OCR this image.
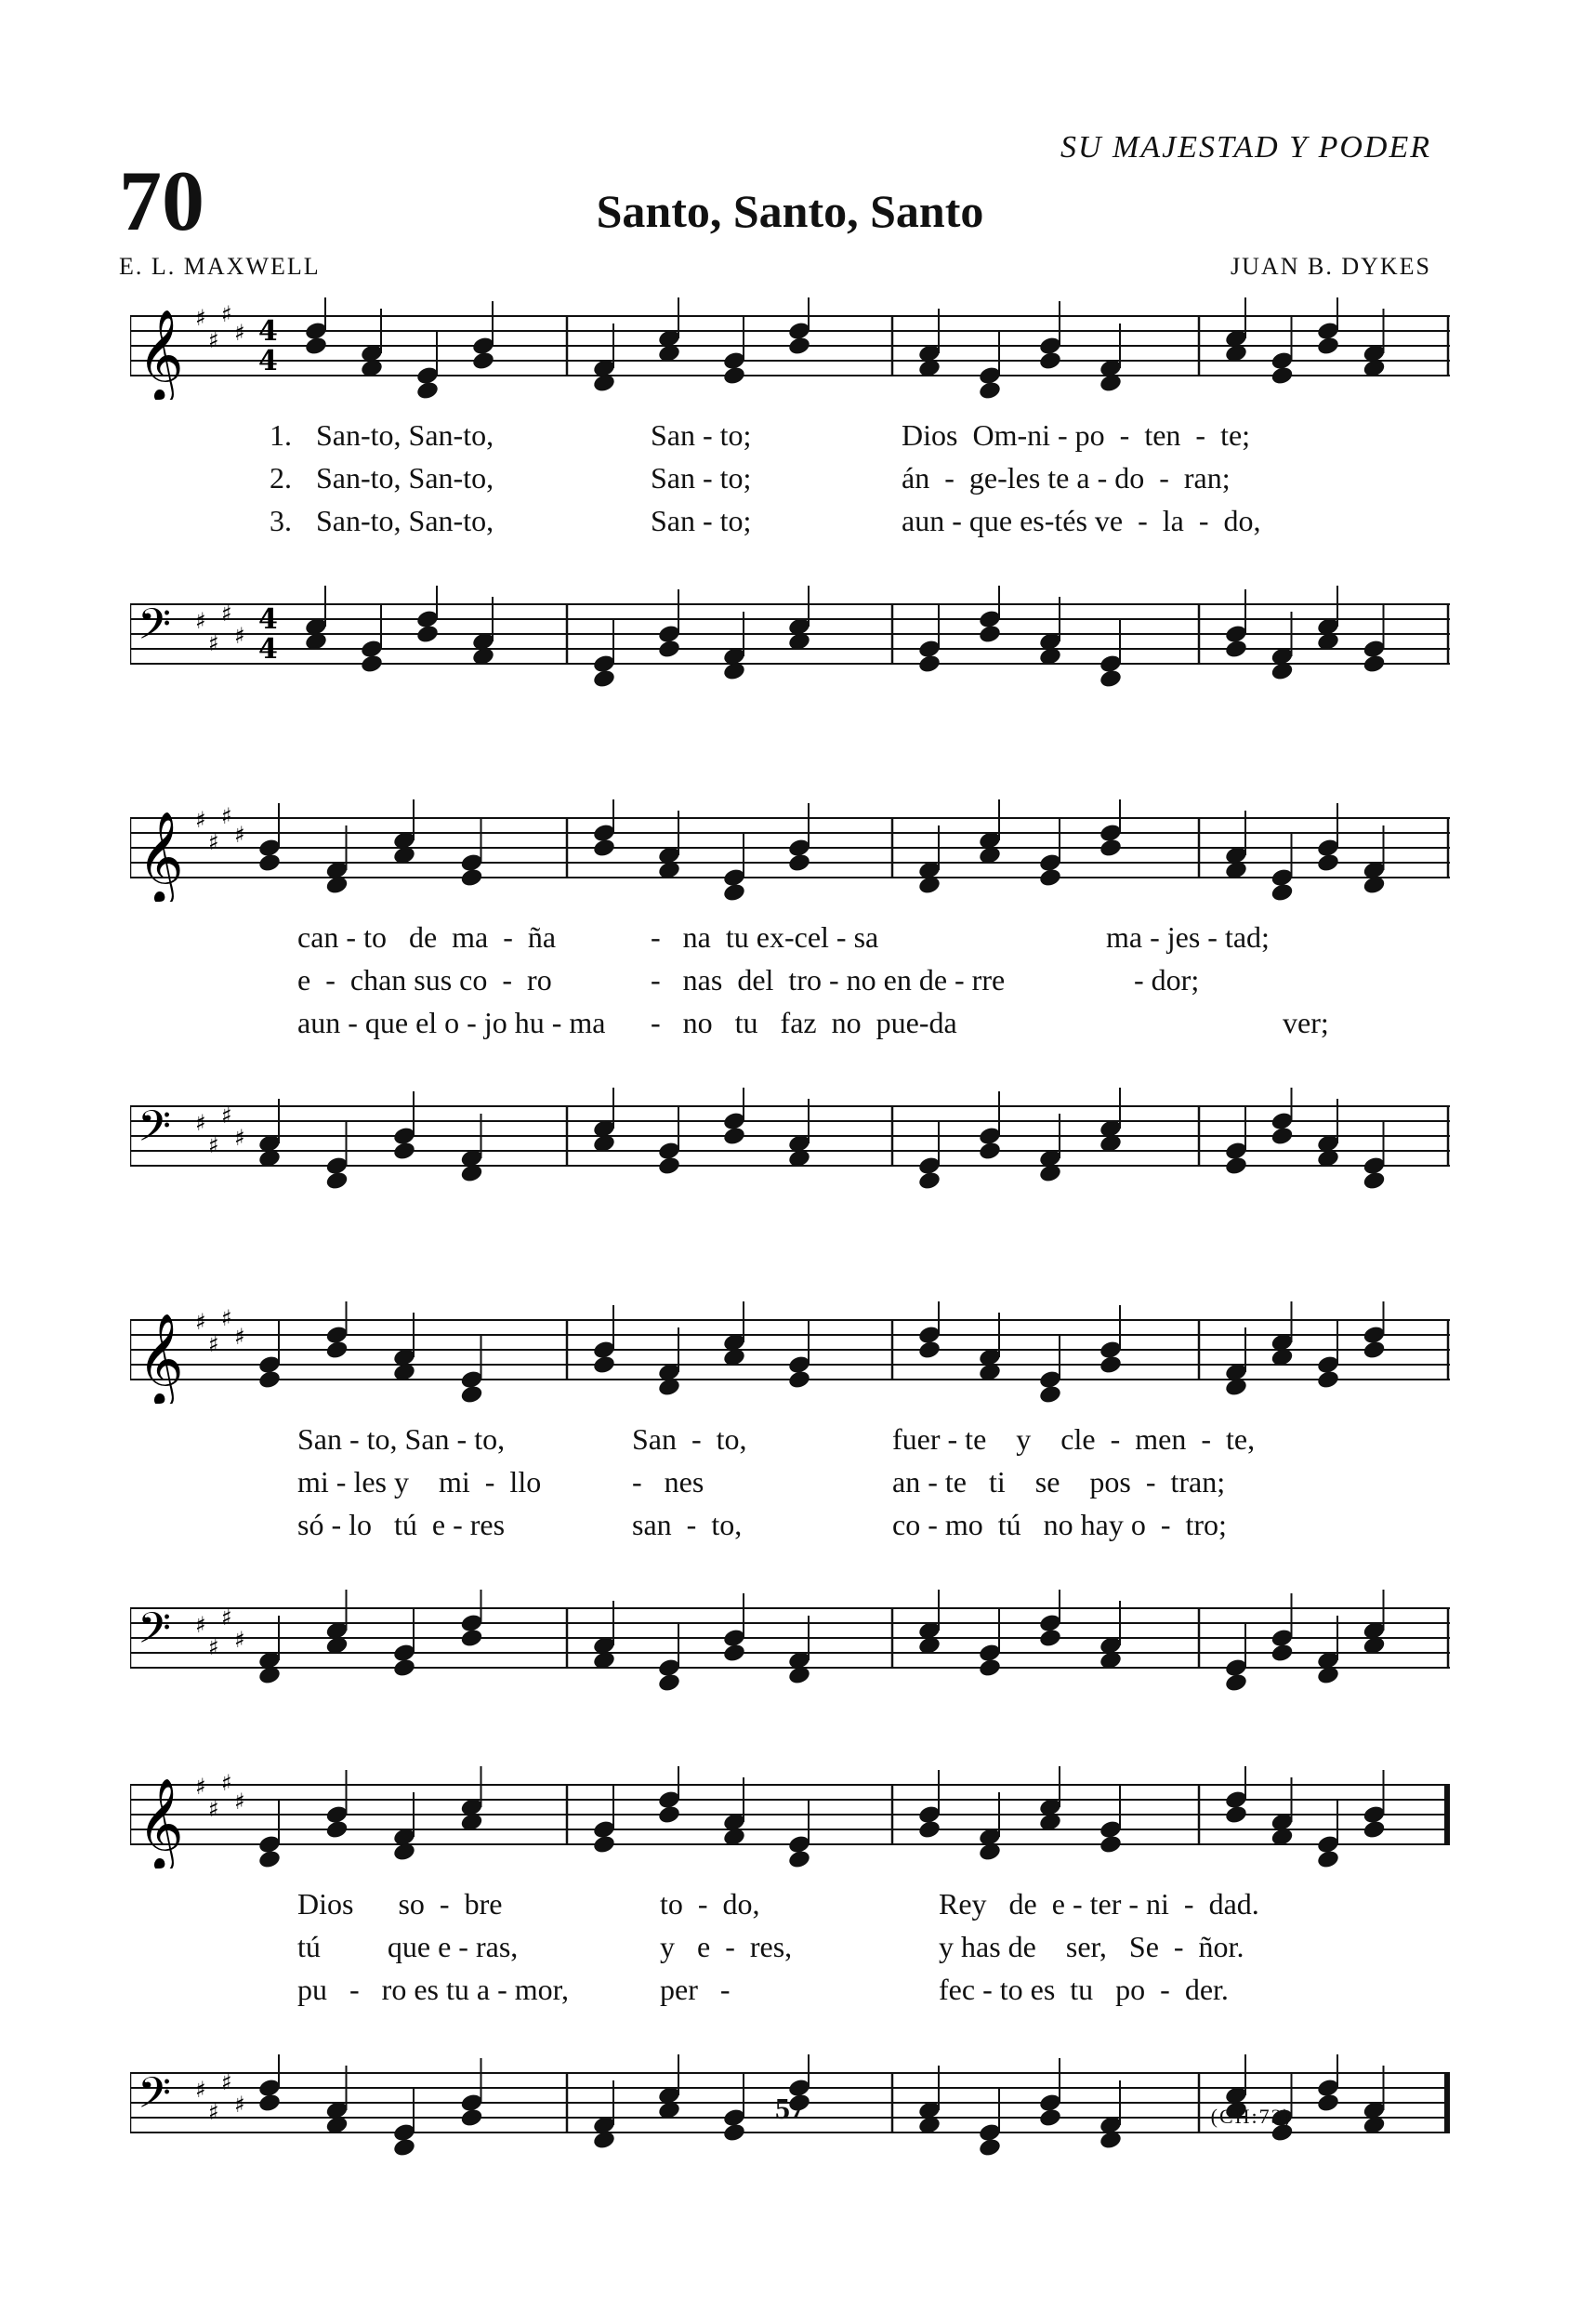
SU MAJESTAD Y PODER
70	Santo, Santo, Santo
E. L. MAXWELL	JUAN B. DYKES
𝄞 ♯
♯
♯
♯ 4
4
1. San-to, San-to,	San - to;	Dios  Om-ni - po  -  ten  -  te;
2. San-to, San-to,	San - to;	án  -  ge-les te a - do  -  ran;
3. San-to, San-to,	San - to;	aun - que es-tés ve  -  la  -  do,
𝄢 ♯
♯
♯
♯ 4
4
𝄞 ♯
♯
♯
♯
can - to   de  ma  -  ña	-   na  tu ex-cel - sa	ma - jes - tad;
e  -  chan sus co  -  ro	-   nas  del  tro - no en de - rre	- dor;
aun - que el o - jo hu - ma -   no   tu   faz  no  pue-da	ver;
𝄢 ♯
♯
♯
♯
𝄞 ♯
♯
♯
♯
San - to, San - to,	San  -  to,	fuer - te    y    cle  -  men  -  te,
mi - les y    mi  -  llo	-   nes	an - te   ti    se    pos  -  tran;
só - lo   tú  e - res	san  -  to,	co - mo  tú   no hay o  -  tro;
𝄢 ♯
♯
♯
♯
𝄞 ♯
♯
♯
♯
Dios      so  -  bre	to  -  do,	Rey   de  e - ter - ni  -  dad.
tú         que e - ras,	y   e  -  res,	y has de    ser,   Se  -  ñor.
pu   -   ro es tu a - mor,	per   -	fec - to es  tu   po  -  der.
𝄢 ♯
♯
♯
♯	57	(CH:73)
